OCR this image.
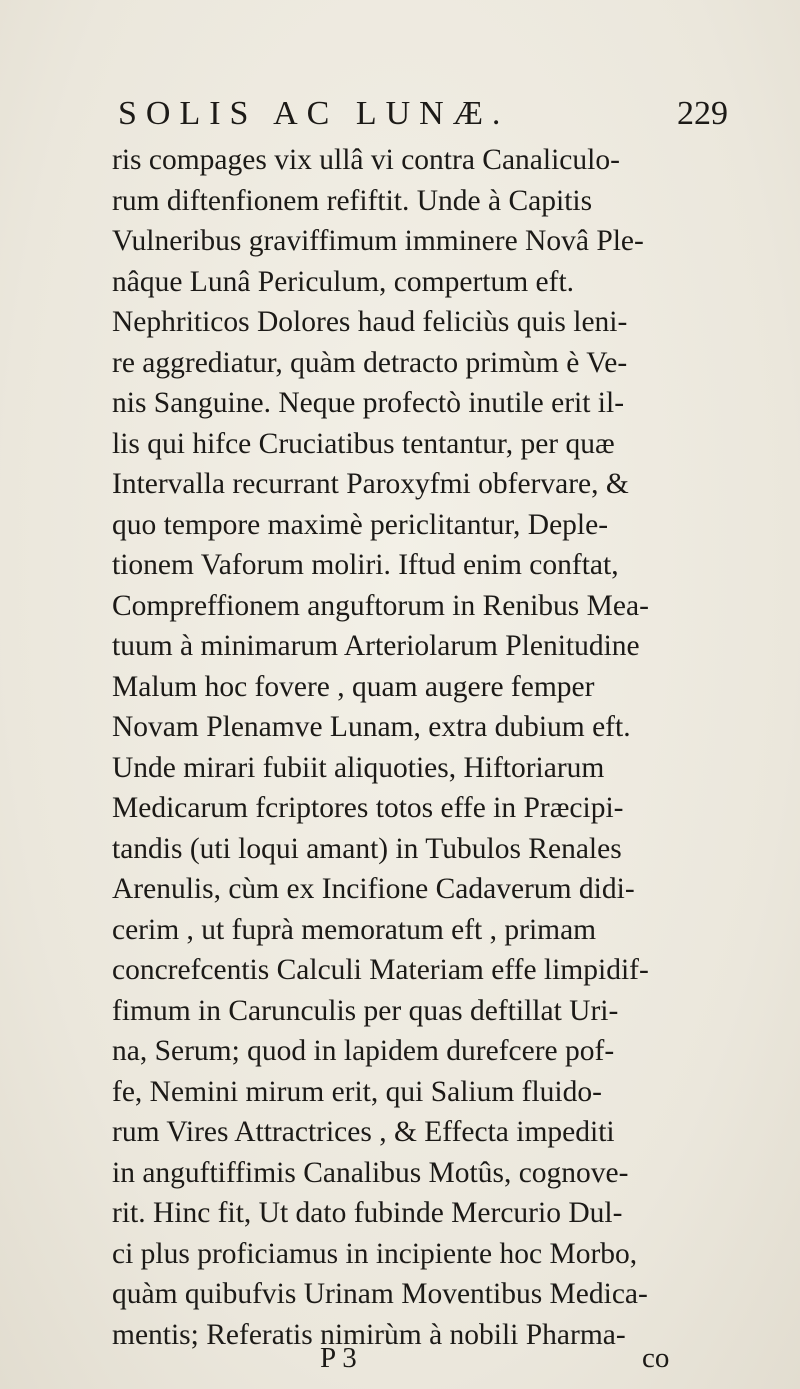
SOLIS AC LUNÆ.	229
ris compages vix ullâ vi contra Canaliculo-
rum diftenfionem refiftit. Unde à Capitis
Vulneribus graviffimum imminere Novâ Ple-
nâque Lunâ Periculum, compertum eft.
Nephriticos Dolores haud feliciùs quis leni-
re aggrediatur, quàm detracto primùm è Ve-
nis Sanguine. Neque profectò inutile erit il-
lis qui hifce Cruciatibus tentantur, per quæ
Intervalla recurrant Paroxyfmi obfervare, &
quo tempore maximè periclitantur, Deple-
tionem Vaforum moliri. Iftud enim conftat,
Compreffionem anguftorum in Renibus Mea-
tuum à minimarum Arteriolarum Plenitudine
Malum hoc fovere , quam augere femper
Novam Plenamve Lunam, extra dubium eft.
Unde mirari fubiit aliquoties, Hiftoriarum
Medicarum fcriptores totos effe in Præcipi-
tandis (uti loqui amant) in Tubulos Renales
Arenulis, cùm ex Incifione Cadaverum didi-
cerim , ut fuprà memoratum eft , primam
concrefcentis Calculi Materiam effe limpidif-
fimum in Carunculis per quas deftillat Uri-
na, Serum; quod in lapidem durefcere pof-
fe, Nemini mirum erit, qui Salium fluido-
rum Vires Attractrices , & Effecta impediti
in anguftiffimis Canalibus Motûs, cognove-
rit. Hinc fit, Ut dato fubinde Mercurio Dul-
ci plus proficiamus in incipiente hoc Morbo,
quàm quibufvis Urinam Moventibus Medica-
mentis; Referatis nimirùm à nobili Pharma-
P 3	co
